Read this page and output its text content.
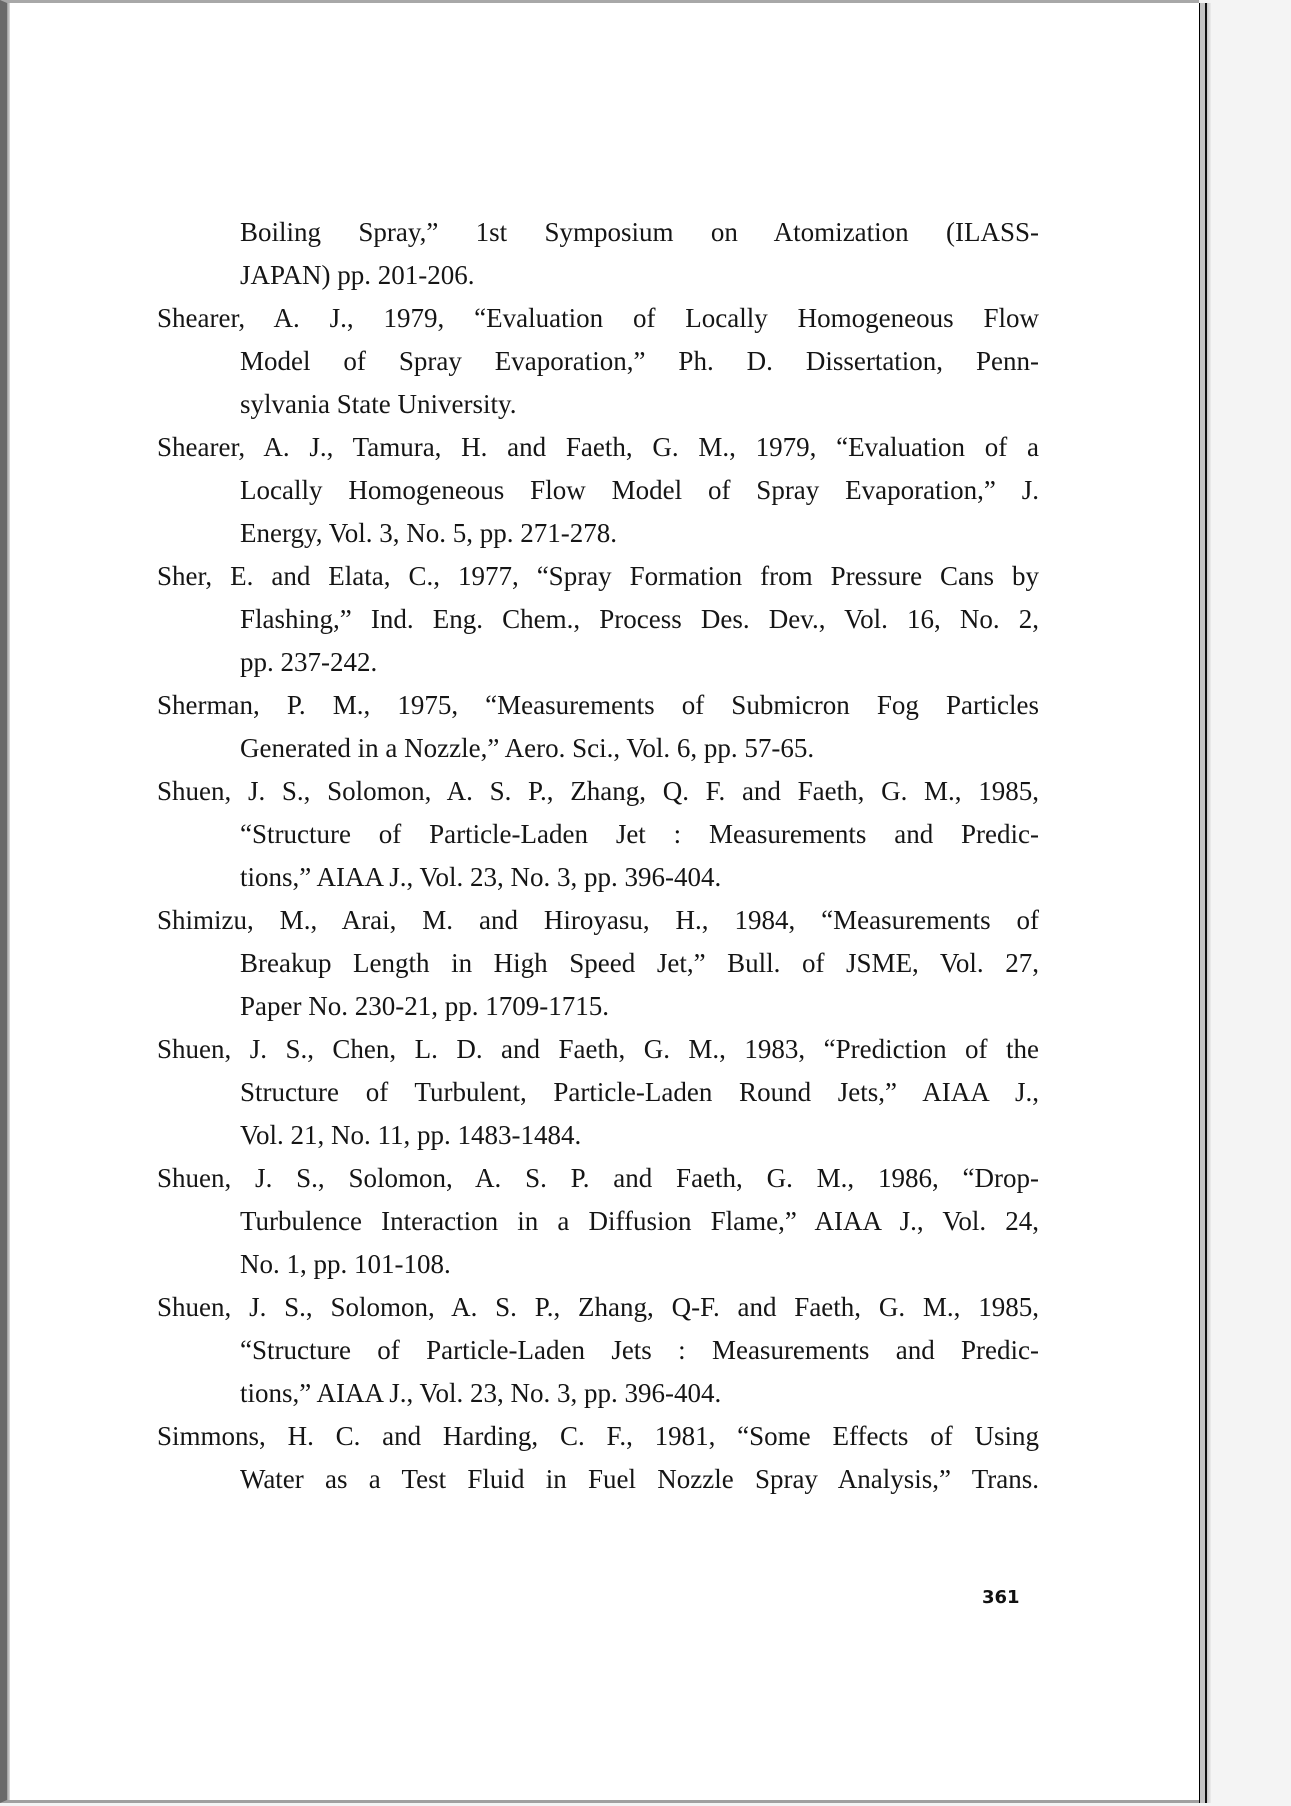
Boiling Spray,” 1st Symposium on Atomization (ILASS-
JAPAN) pp. 201-206.
Shearer, A. J., 1979, “Evaluation of Locally Homogeneous Flow
Model of Spray Evaporation,” Ph. D. Dissertation, Penn-
sylvania State University.
Shearer, A. J., Tamura, H. and Faeth, G. M., 1979, “Evaluation of a
Locally Homogeneous Flow Model of Spray Evaporation,” J.
Energy, Vol. 3, No. 5, pp. 271-278.
Sher, E. and Elata, C., 1977, “Spray Formation from Pressure Cans by
Flashing,” Ind. Eng. Chem., Process Des. Dev., Vol. 16, No. 2,
pp. 237-242.
Sherman, P. M., 1975, “Measurements of Submicron Fog Particles
Generated in a Nozzle,” Aero. Sci., Vol. 6, pp. 57-65.
Shuen, J. S., Solomon, A. S. P., Zhang, Q. F. and Faeth, G. M., 1985,
“Structure of Particle-Laden Jet : Measurements and Predic-
tions,” AIAA J., Vol. 23, No. 3, pp. 396-404.
Shimizu, M., Arai, M. and Hiroyasu, H., 1984, “Measurements of
Breakup Length in High Speed Jet,” Bull. of JSME, Vol. 27,
Paper No. 230-21, pp. 1709-1715.
Shuen, J. S., Chen, L. D. and Faeth, G. M., 1983, “Prediction of the
Structure of Turbulent, Particle-Laden Round Jets,” AIAA J.,
Vol. 21, No. 11, pp. 1483-1484.
Shuen, J. S., Solomon, A. S. P. and Faeth, G. M., 1986, “Drop-
Turbulence Interaction in a Diffusion Flame,” AIAA J., Vol. 24,
No. 1, pp. 101-108.
Shuen, J. S., Solomon, A. S. P., Zhang, Q-F. and Faeth, G. M., 1985,
“Structure of Particle-Laden Jets : Measurements and Predic-
tions,” AIAA J., Vol. 23, No. 3, pp. 396-404.
Simmons, H. C. and Harding, C. F., 1981, “Some Effects of Using
Water as a Test Fluid in Fuel Nozzle Spray Analysis,” Trans.
361
